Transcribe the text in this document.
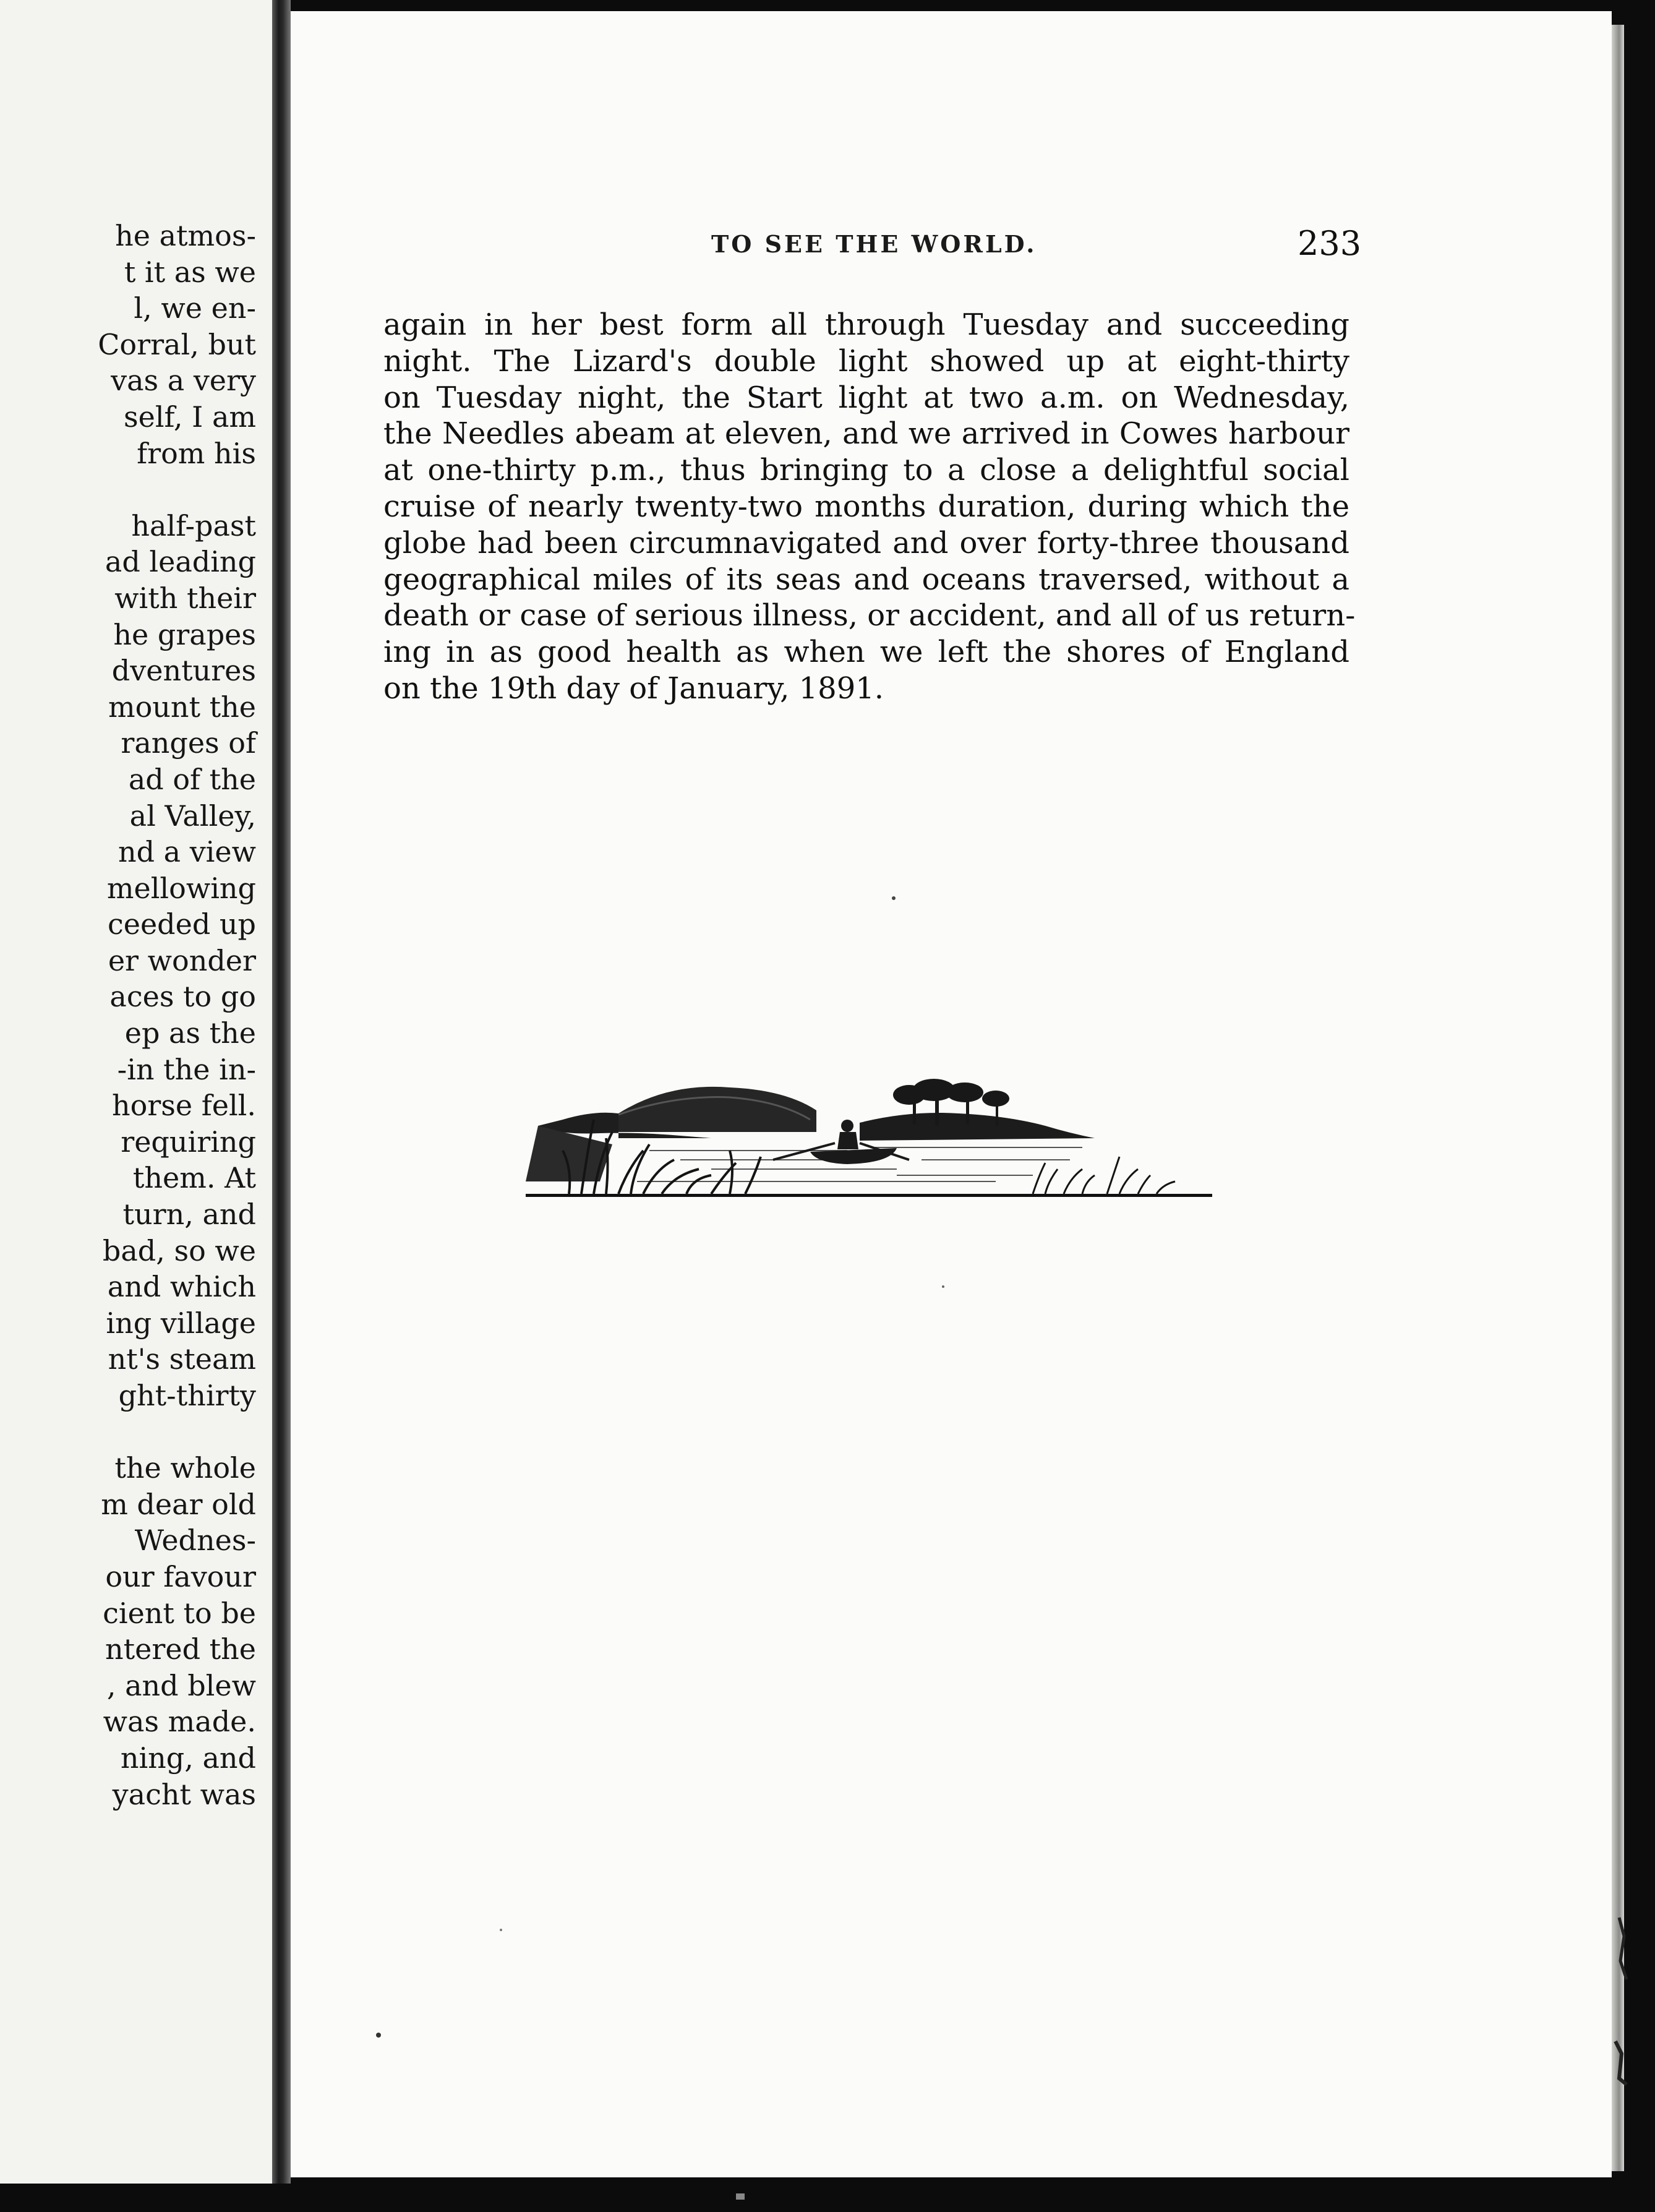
he atmos-
t it as we
l, we en-
Corral, but
vas a very
self, I am
from his
half-past
ad leading
with their
he grapes
dventures
mount the
ranges of
ad of the
al Valley,
nd a view
mellowing
ceeded up
er wonder
aces to go
ep as the
-in the in-
horse fell.
requiring
them. At
turn, and
bad, so we
and which
ing village
nt's steam
ght-thirty
the whole
m dear old
Wednes-
our favour
cient to be
ntered the
, and blew
was made.
ning, and
yacht was
TO SEE THE WORLD.	233
again in her best form all through Tuesday and succeeding
night. The Lizard's double light showed up at eight-thirty
on Tuesday night, the Start light at two a.m. on Wednesday,
the Needles abeam at eleven, and we arrived in Cowes harbour
at one-thirty p.m., thus bringing to a close a delightful social
cruise of nearly twenty-two months duration, during which the
globe had been circumnavigated and over forty-three thousand
geographical miles of its seas and oceans traversed, without a
death or case of serious illness, or accident, and all of us return-
ing in as good health as when we left the shores of England
on the 19th day of January, 1891.
